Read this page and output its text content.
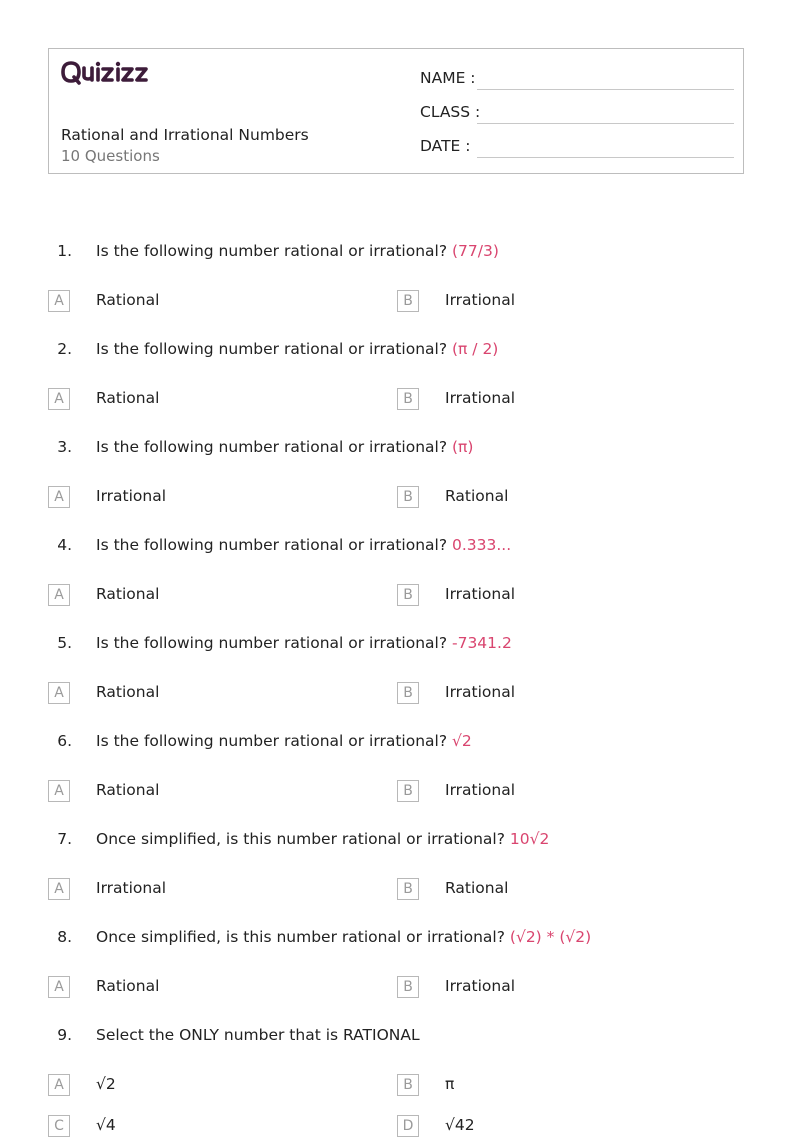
Rational and Irrational Numbers
10 Questions
NAME :
CLASS :
DATE :
1. Is the following number rational or irrational? (77/3)
A	Rational	B	Irrational
2. Is the following number rational or irrational? (π / 2)
A	Rational	B	Irrational
3. Is the following number rational or irrational? (π)
A	Irrational	B	Rational
4. Is the following number rational or irrational? 0.333...
A	Rational	B	Irrational
5. Is the following number rational or irrational? -7341.2
A	Rational	B	Irrational
6. Is the following number rational or irrational? √2
A	Rational	B	Irrational
7. Once simplified, is this number rational or irrational? 10√2
A	Irrational	B	Rational
8. Once simplified, is this number rational or irrational? (√2) * (√2)
A	Rational	B	Irrational
9. Select the ONLY number that is RATIONAL
A	√2	B	π
C	√4	D	√42
